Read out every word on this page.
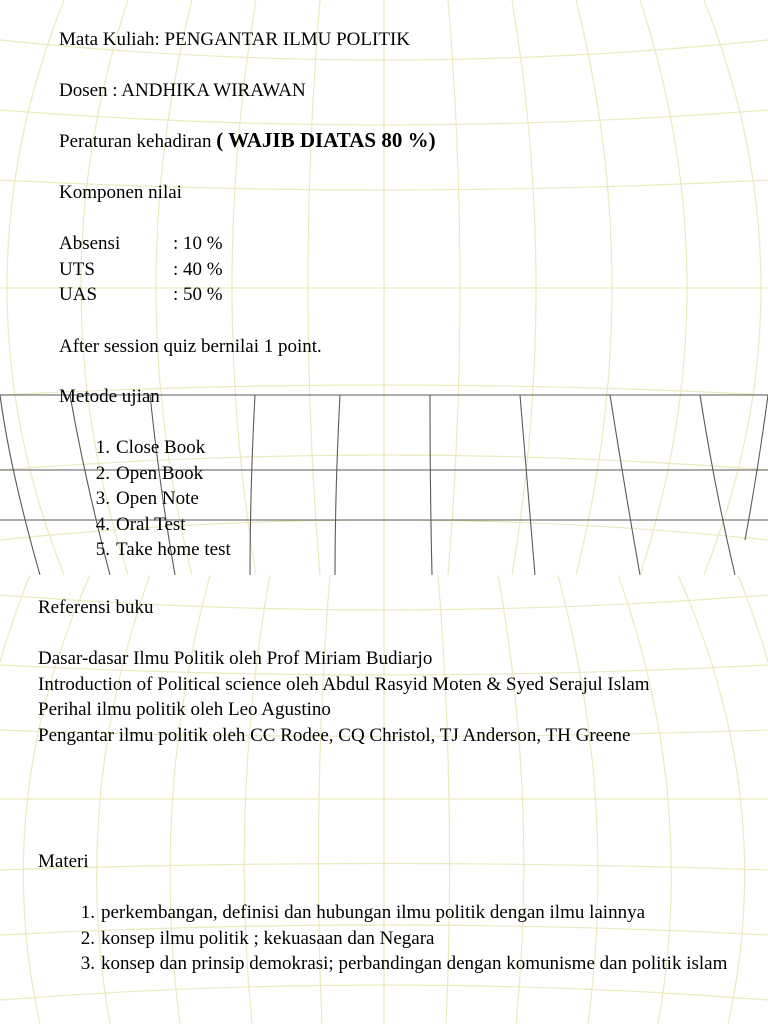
Mata Kuliah: PENGANTAR ILMU POLITIK
Dosen : ANDHIKA WIRAWAN
Peraturan kehadiran ( WAJIB DIATAS 80 %)
Komponen nilai
Absensi	: 10 %
UTS	: 40 %
UAS	: 50 %
After session quiz bernilai 1 point.
Metode ujian
1. Close Book
2. Open Book
3. Open Note
4. Oral Test
5. Take home test
Referensi buku
Dasar-dasar Ilmu Politik oleh Prof Miriam Budiarjo
Introduction of Political science oleh Abdul Rasyid Moten & Syed Serajul Islam
Perihal ilmu politik oleh Leo Agustino
Pengantar ilmu politik oleh CC Rodee, CQ Christol, TJ Anderson, TH Greene
Materi
1. perkembangan, definisi dan hubungan ilmu politik dengan ilmu lainnya
2. konsep ilmu politik ; kekuasaan dan Negara
3. konsep dan prinsip demokrasi; perbandingan dengan komunisme dan politik islam
